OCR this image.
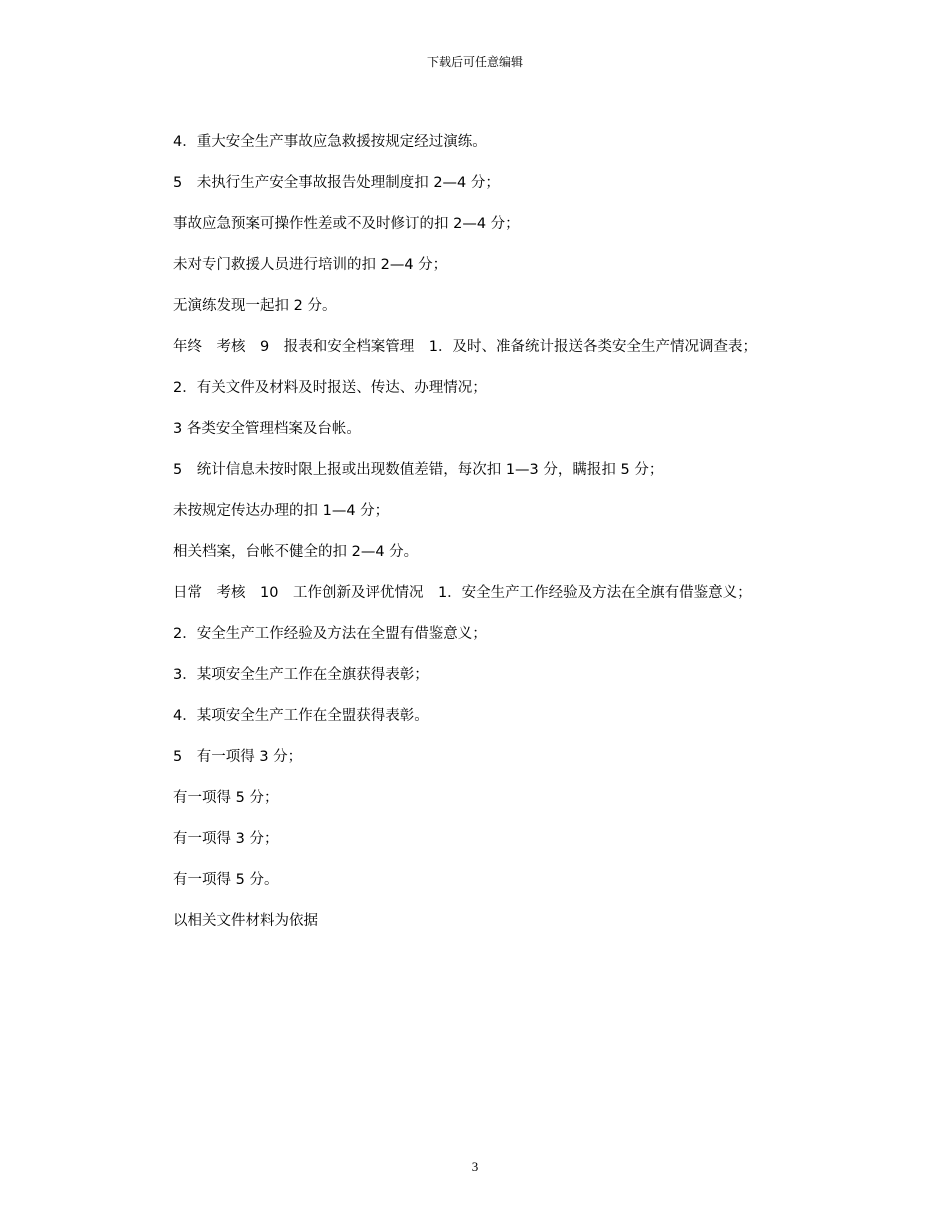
下载后可任意编辑
4．重大安全生产事故应急救援按规定经过演练。
5　未执行生产安全事故报告处理制度扣 2—4 分；
事故应急预案可操作性差或不及时修订的扣 2—4 分；
未对专门救援人员进行培训的扣 2—4 分；
无演练发现一起扣 2 分。
年终　考核　9　报表和安全档案管理　1．及时、准备统计报送各类安全生产情况调查表；
2．有关文件及材料及时报送、传达、办理情况；
3 各类安全管理档案及台帐。
5　统计信息未按时限上报或出现数值差错，每次扣 1—3 分，瞒报扣 5 分；
未按规定传达办理的扣 1—4 分；
相关档案，台帐不健全的扣 2—4 分。
日常　考核　10　工作创新及评优情况　1．安全生产工作经验及方法在全旗有借鉴意义；
2．安全生产工作经验及方法在全盟有借鉴意义；
3．某项安全生产工作在全旗获得表彰；
4．某项安全生产工作在全盟获得表彰。
5　有一项得 3 分；
有一项得 5 分；
有一项得 3 分；
有一项得 5 分。
以相关文件材料为依据
3
